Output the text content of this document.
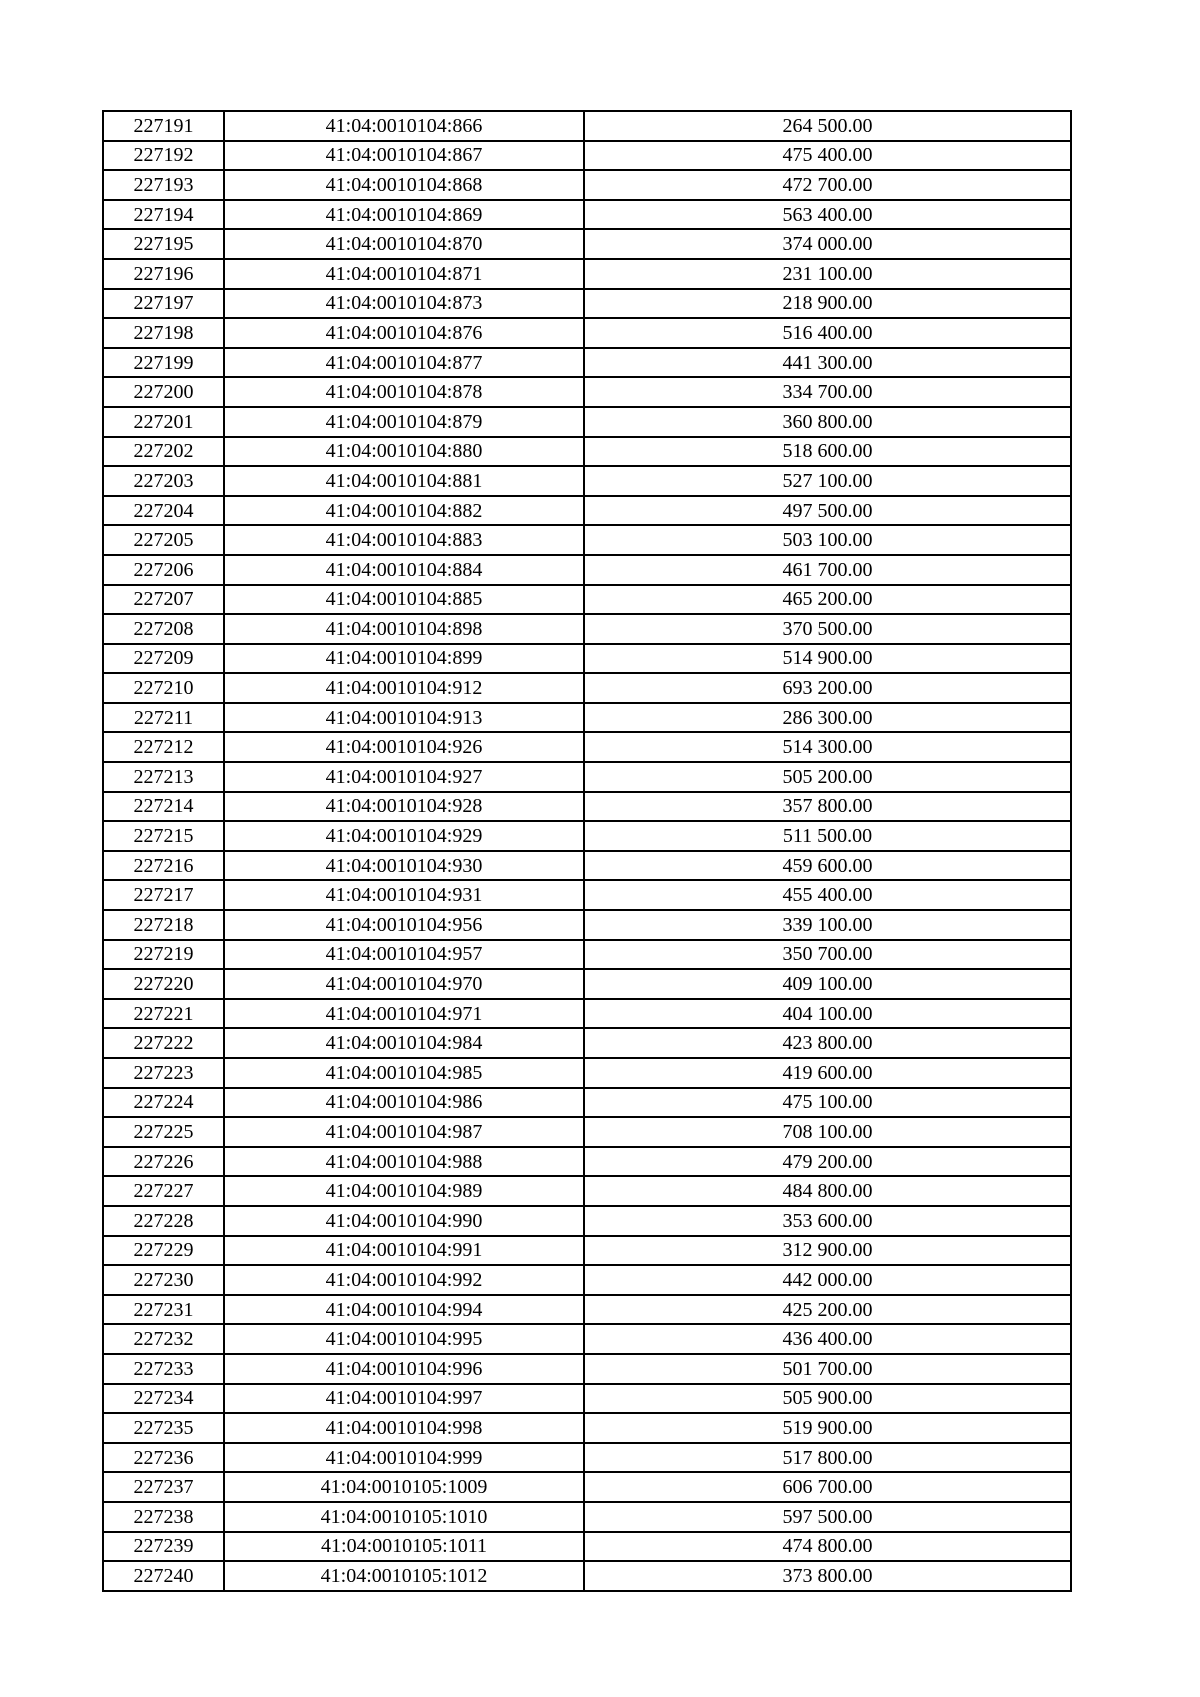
227191	41:04:0010104:866	264 500.00
227192	41:04:0010104:867	475 400.00
227193	41:04:0010104:868	472 700.00
227194	41:04:0010104:869	563 400.00
227195	41:04:0010104:870	374 000.00
227196	41:04:0010104:871	231 100.00
227197	41:04:0010104:873	218 900.00
227198	41:04:0010104:876	516 400.00
227199	41:04:0010104:877	441 300.00
227200	41:04:0010104:878	334 700.00
227201	41:04:0010104:879	360 800.00
227202	41:04:0010104:880	518 600.00
227203	41:04:0010104:881	527 100.00
227204	41:04:0010104:882	497 500.00
227205	41:04:0010104:883	503 100.00
227206	41:04:0010104:884	461 700.00
227207	41:04:0010104:885	465 200.00
227208	41:04:0010104:898	370 500.00
227209	41:04:0010104:899	514 900.00
227210	41:04:0010104:912	693 200.00
227211	41:04:0010104:913	286 300.00
227212	41:04:0010104:926	514 300.00
227213	41:04:0010104:927	505 200.00
227214	41:04:0010104:928	357 800.00
227215	41:04:0010104:929	511 500.00
227216	41:04:0010104:930	459 600.00
227217	41:04:0010104:931	455 400.00
227218	41:04:0010104:956	339 100.00
227219	41:04:0010104:957	350 700.00
227220	41:04:0010104:970	409 100.00
227221	41:04:0010104:971	404 100.00
227222	41:04:0010104:984	423 800.00
227223	41:04:0010104:985	419 600.00
227224	41:04:0010104:986	475 100.00
227225	41:04:0010104:987	708 100.00
227226	41:04:0010104:988	479 200.00
227227	41:04:0010104:989	484 800.00
227228	41:04:0010104:990	353 600.00
227229	41:04:0010104:991	312 900.00
227230	41:04:0010104:992	442 000.00
227231	41:04:0010104:994	425 200.00
227232	41:04:0010104:995	436 400.00
227233	41:04:0010104:996	501 700.00
227234	41:04:0010104:997	505 900.00
227235	41:04:0010104:998	519 900.00
227236	41:04:0010104:999	517 800.00
227237	41:04:0010105:1009	606 700.00
227238	41:04:0010105:1010	597 500.00
227239	41:04:0010105:1011	474 800.00
227240	41:04:0010105:1012	373 800.00
